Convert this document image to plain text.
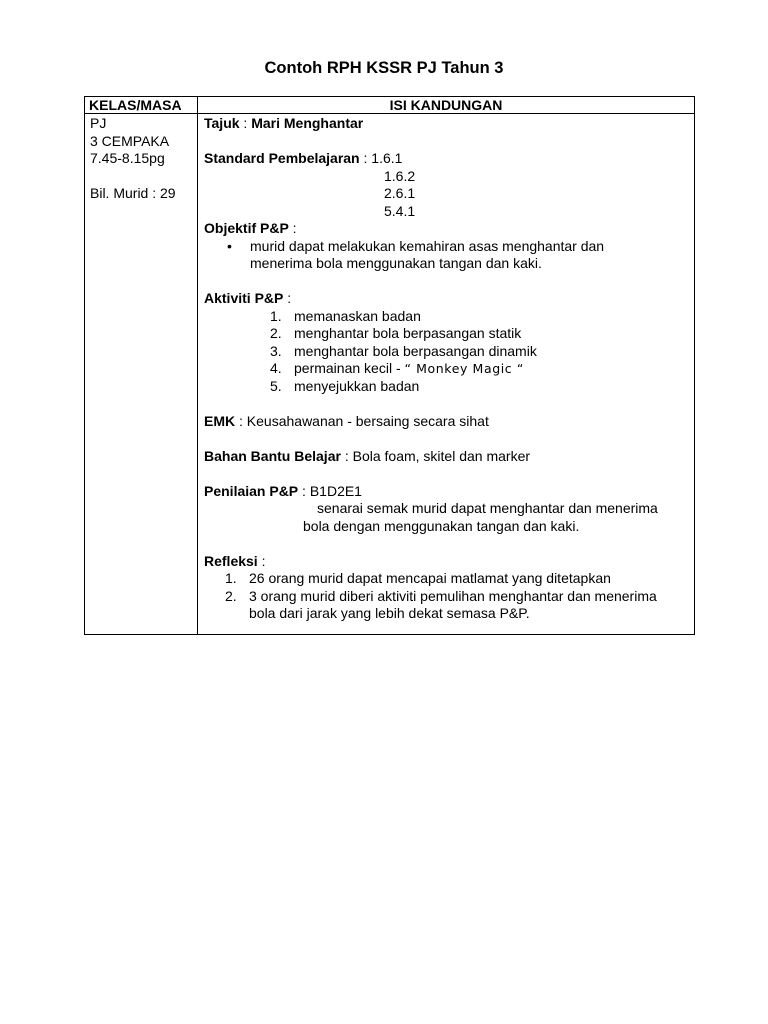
Contoh RPH KSSR PJ Tahun 3
KELAS/MASA	ISI KANDUNGAN
PJ
3 CEMPAKA
7.45-8.15pg
Bil. Murid : 29
Tajuk : Mari Menghantar
Standard Pembelajaran : 1.6.1
1.6.2
2.6.1
5.4.1
Objektif P&P :
• murid dapat melakukan kemahiran asas menghantar dan
menerima bola menggunakan tangan dan kaki.
Aktiviti P&P :
1. memanaskan badan
2. menghantar bola berpasangan statik
3. menghantar bola berpasangan dinamik
4. permainan kecil - “ Monkey Magic “
5. menyejukkan badan
EMK : Keusahawanan - bersaing secara sihat
Bahan Bantu Belajar : Bola foam, skitel dan marker
Penilaian P&P : B1D2E1
senarai semak murid dapat menghantar dan menerima
bola dengan menggunakan tangan dan kaki.
Refleksi :
1. 26 orang murid dapat mencapai matlamat yang ditetapkan
2. 3 orang murid diberi aktiviti pemulihan menghantar dan menerima
bola dari jarak yang lebih dekat semasa P&P.
